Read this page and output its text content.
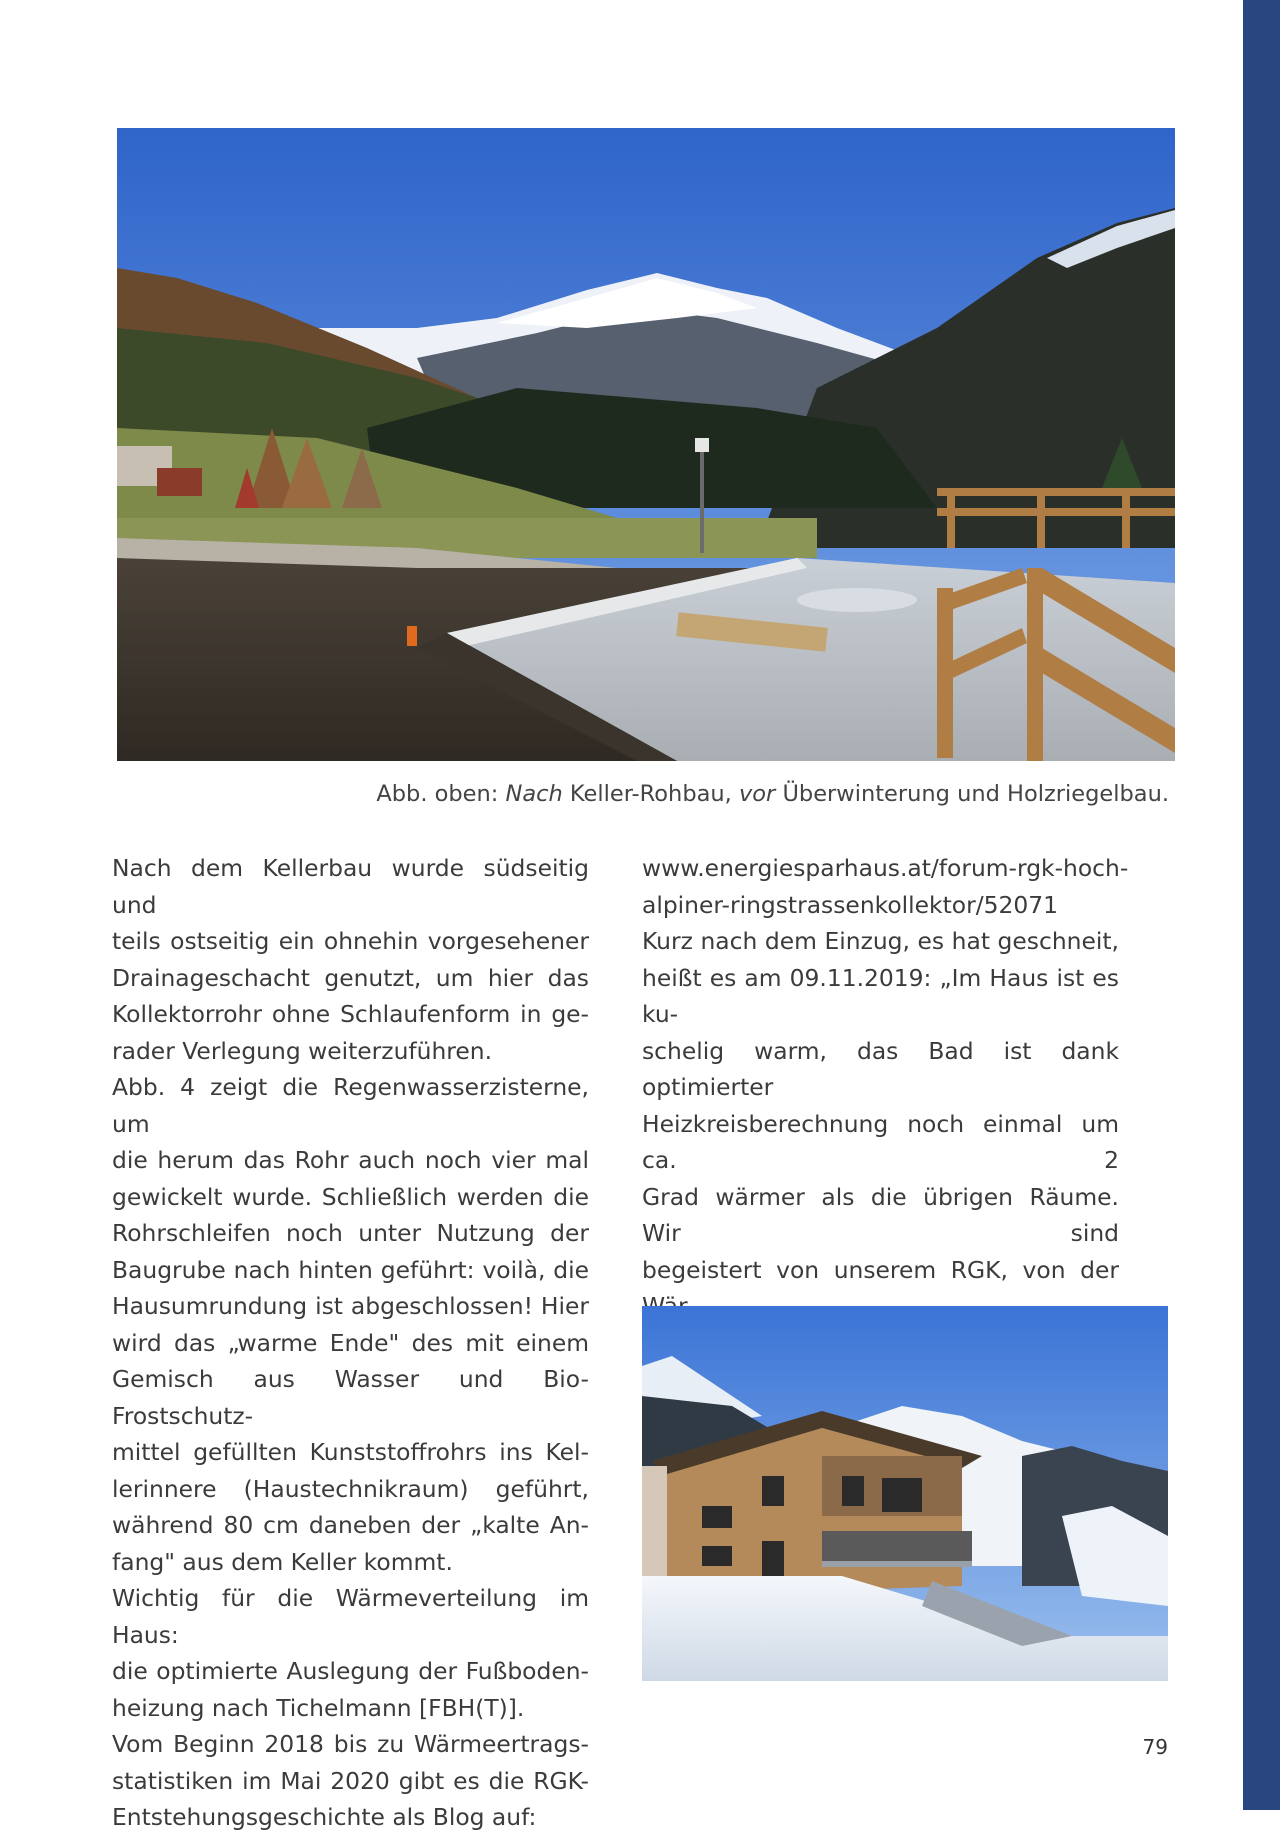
Abb. oben: Nach Keller-Rohbau, vor Überwinterung und Holzriegelbau.
Nach dem Kellerbau wurde südseitig und
teils ostseitig ein ohnehin vorgesehener
Drainageschacht genutzt, um hier das
Kollektorrohr ohne Schlaufenform in ge-
rader Verlegung weiterzuführen.
Abb. 4 zeigt die Regenwasserzisterne, um
die herum das Rohr auch noch vier mal
gewickelt wurde. Schließlich werden die
Rohrschleifen noch unter Nutzung der
Baugrube nach hinten geführt: voilà, die
Hausumrundung ist abgeschlossen! Hier
wird das „warme Ende" des mit einem
Gemisch aus Wasser und Bio-Frostschutz-
mittel gefüllten Kunststoffrohrs ins Kel-
lerinnere (Haustechnikraum) geführt,
während 80 cm daneben der „kalte An-
fang" aus dem Keller kommt.
Wichtig für die Wärmeverteilung im Haus:
die optimierte Auslegung der Fußboden-
heizung nach Tichelmann [FBH(T)].
Vom Beginn 2018 bis zu Wärmeertrags-
statistiken im Mai 2020 gibt es die RGK-
Entstehungsgeschichte als Blog auf:
www.energiesparhaus.at/forum-rgk-hoch-
alpiner-ringstrassenkollektor/52071
Kurz nach dem Einzug, es hat geschneit,
heißt es am 09.11.2019: „Im Haus ist es ku-
schelig warm, das Bad ist dank optimierter
Heizkreisberechnung noch einmal um ca. 2
Grad wärmer als die übrigen Räume. Wir sind
begeistert von unserem RGK, von der
79
